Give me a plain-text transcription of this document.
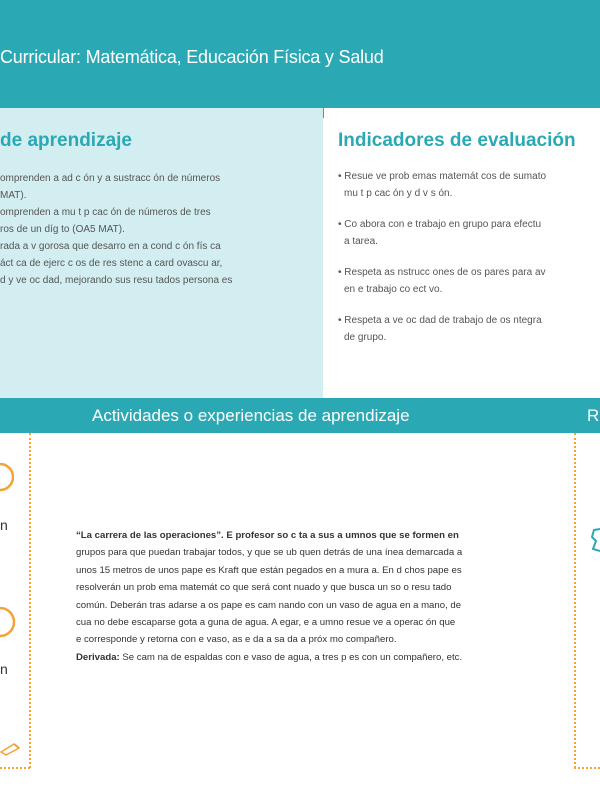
Curricular: Matemática, Educación Física y Salud
de aprendizaje	Indicadores de evaluación
omprenden a ad c ón y a sustracc ón de números
MAT).
omprenden a mu t p cac ón de números de tres
ros de un díg to (OA5 MAT).
rada a v gorosa que desarro en a cond c ón fís ca
áct ca de ejerc c os de res stenc a card ovascu ar,
d y ve oc dad, mejorando sus resu tados persona es
• Resue ve prob emas matemát cos de sumato
mu t p cac ón y d v s ón.
• Co abora con e trabajo en grupo para efectu
a tarea.
• Respeta as nstrucc ones de os pares para av
en e trabajo co ect vo.
• Respeta a ve oc dad de trabajo de os ntegra
de grupo.
Actividades o experiencias de aprendizaje	R
n
n
“La carrera de las operaciones”. E profesor so c ta a sus a umnos que se formen en
grupos para que puedan trabajar todos, y que se ub quen detrás de una ínea demarcada a
unos 15 metros de unos pape es Kraft que están pegados en a mura a. En d chos pape es
resolverán un prob ema matemát co que será cont nuado y que busca un so o resu tado
común. Deberán tras adarse a os pape es cam nando con un vaso de agua en a mano, de
cua no debe escaparse gota a guna de agua. A egar, e a umno resue ve a operac ón que
e corresponde y retorna con e vaso, as e da a sa da a próx mo compañero.
Derivada: Se cam na de espaldas con e vaso de agua, a tres p es con un compañero, etc.
